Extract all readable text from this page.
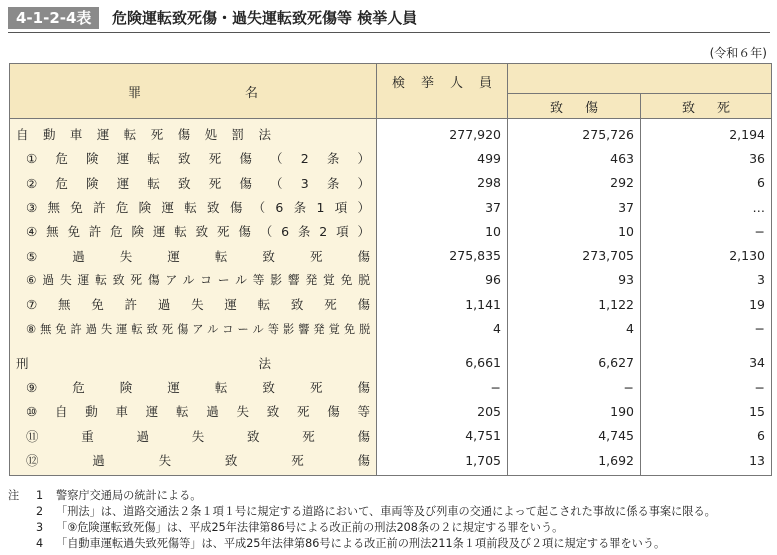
4-1-2-4表	危険運転致死傷・過失運転致死傷等 検挙人員
(令和６年)
罪名	検挙人員		
		致傷	致死

自動車運転死傷処罰法	277,920	275,726	2,194

①危険運転致死傷（2条）	499	463	36

②危険運転致死傷（3条）	298	292	6

③無免許危険運転致傷（6条1項）	37	37	…

④無免許危険運転致死傷（6条2項）	10	10	−

⑤過失運転致死傷	275,835	273,705	2,130

⑥過失運転致死傷アルコール等影響発覚免脱	96	93	3

⑦無免許過失運転致死傷	1,141	1,122	19

⑧無免許過失運転致死傷アルコール等影響発覚免脱	4	4	−

刑法	6,661	6,627	34

⑨危険運転致死傷	−	−	−

⑩自動車運転過失致死傷等	205	190	15

⑪重過失致死傷	4,751	4,745	6

⑫過失致死傷	1,705	1,692	13
注	1	警察庁交通局の統計による。
2	「刑法」は、道路交通法２条１項１号に規定する道路において、車両等及び列車の交通によって起こされた事故に係る事案に限る。
3	「⑨危険運転致死傷」は、平成25年法律第86号による改正前の刑法208条の２に規定する罪をいう。
4	「自動車運転過失致死傷等」は、平成25年法律第86号による改正前の刑法211条１項前段及び２項に規定する罪をいう。
